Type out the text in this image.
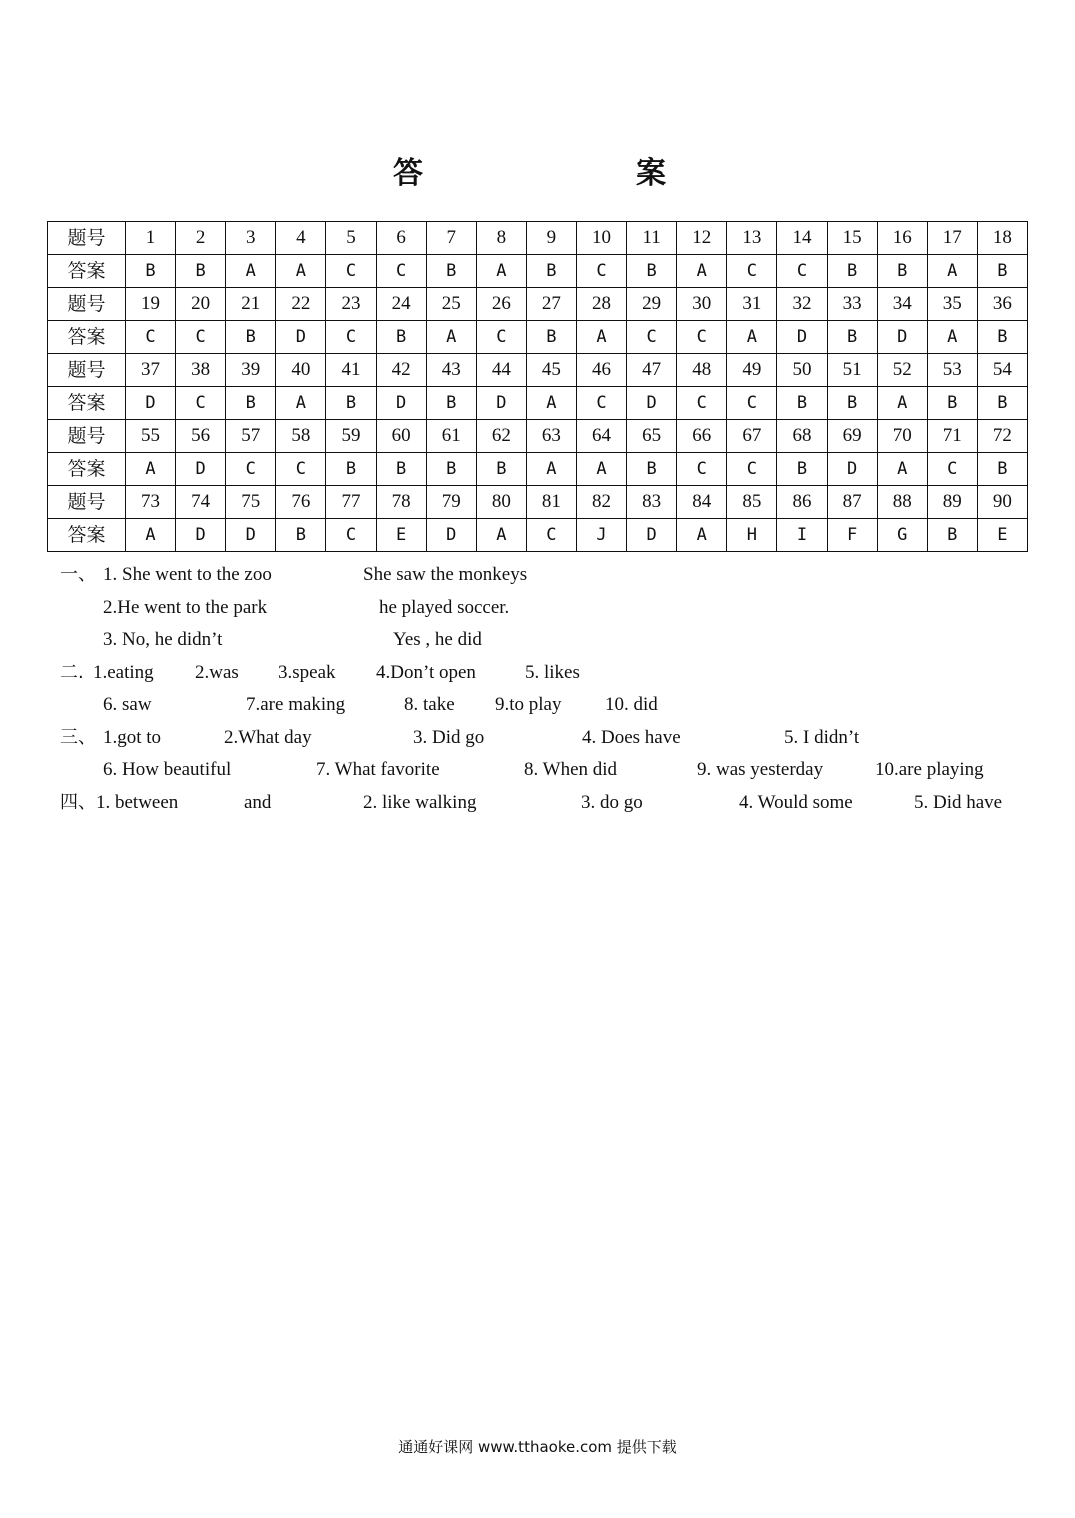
答	案
题号	1	2	3	4	5	6	7	8	9	10	11	12	13	14	15	16	17	18
答案	B	B	A	A	C	C	B	A	B	C	B	A	C	C	B	B	A	B
题号	19	20	21	22	23	24	25	26	27	28	29	30	31	32	33	34	35	36
答案	C	C	B	D	C	B	A	C	B	A	C	C	A	D	B	D	A	B
题号	37	38	39	40	41	42	43	44	45	46	47	48	49	50	51	52	53	54
答案	D	C	B	A	B	D	B	D	A	C	D	C	C	B	B	A	B	B
题号	55	56	57	58	59	60	61	62	63	64	65	66	67	68	69	70	71	72
答案	A	D	C	C	B	B	B	B	A	A	B	C	C	B	D	A	C	B
题号	73	74	75	76	77	78	79	80	81	82	83	84	85	86	87	88	89	90
答案	A	D	D	B	C	E	D	A	C	J	D	A	H	I	F	G	B	E
一、 1. She went to the zoo	She saw the monkeys
2.He went to the park	he played soccer.
3. No, he didn’t	Yes , he did
二. 1.eating 2.was 3.speak 4.Don’t open	5. likes
6. saw	7.are making	8. take 9.to play 10. did
三、 1.got to	2.What day	3. Did go	4. Does have	5. I didn’t
6. How beautiful	7. What favorite	8. When did	9. was yesterday	10.are playing
四、 1. between	and	2. like walking	3. do go	4. Would some	5. Did have
通通好课网 www.tthaoke.com 提供下载
